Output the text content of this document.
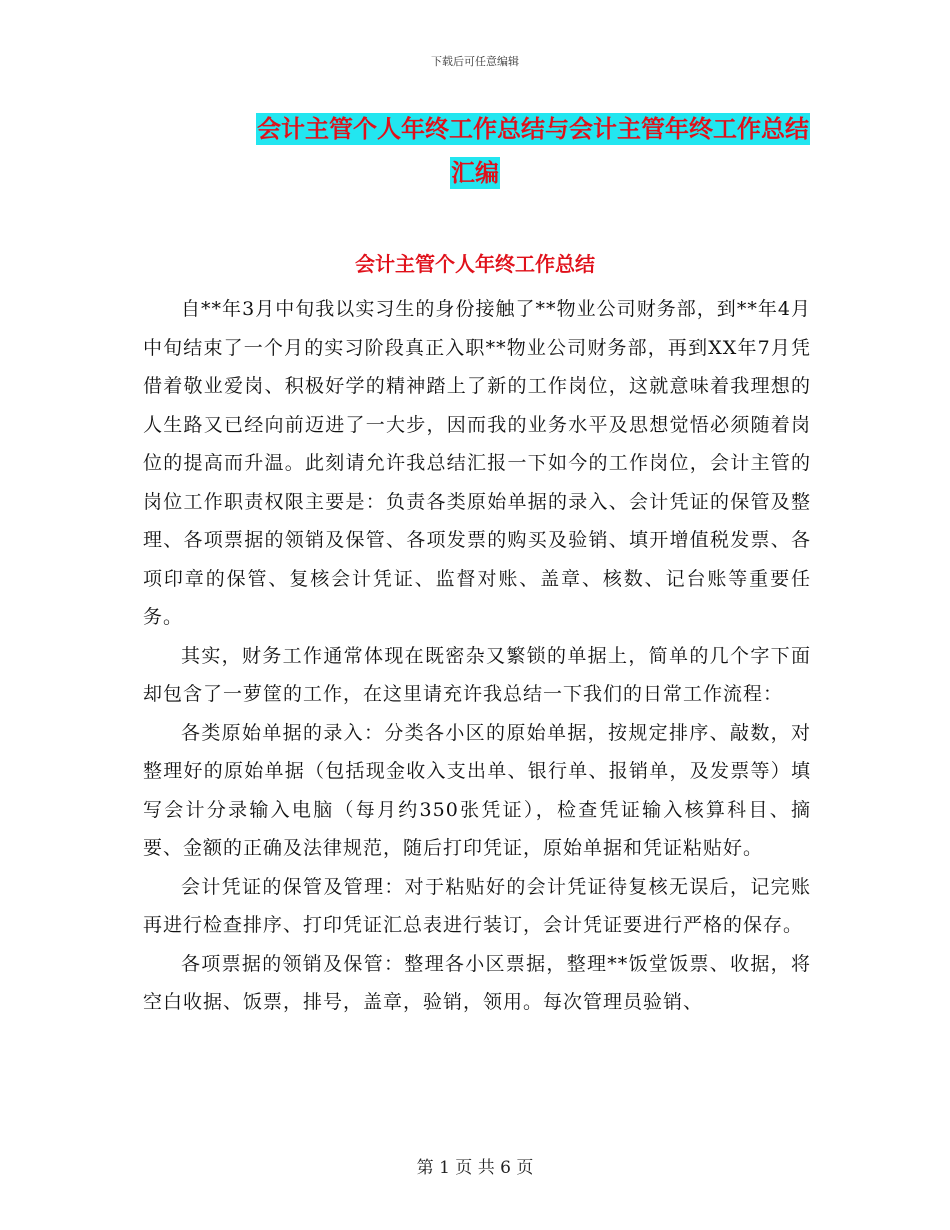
下载后可任意编辑
会计主管个人年终工作总结与会计主管年终工作总结
汇编
会计主管个人年终工作总结

自**年3月中旬我以实习生的身份接触了**物业公司财务部，到**年4月中旬结束了一个月的实习阶段真正入职**物业公司财务部，再到XX年7月凭借着敬业爱岗、积极好学的精神踏上了新的工作岗位，这就意味着我理想的人生路又已经向前迈进了一大步，因而我的业务水平及思想觉悟必须随着岗位的提高而升温。此刻请允许我总结汇报一下如今的工作岗位，会计主管的岗位工作职责权限主要是：负责各类原始单据的录入、会计凭证的保管及整理、各项票据的领销及保管、各项发票的购买及验销、填开增值税发票、各项印章的保管、复核会计凭证、监督对账、盖章、核数、记台账等重要任务。

其实，财务工作通常体现在既密杂又繁锁的单据上，简单的几个字下面却包含了一萝筐的工作，在这里请充许我总结一下我们的日常工作流程：

各类原始单据的录入：分类各小区的原始单据，按规定排序、敲数，对整理好的原始单据（包括现金收入支出单、银行单、报销单，及发票等）填写会计分录输入电脑（每月约350张凭证），检查凭证输入核算科目、摘要、金额的正确及法律规范，随后打印凭证，原始单据和凭证粘贴好。

会计凭证的保管及管理：对于粘贴好的会计凭证待复核无误后，记完账再进行检查排序、打印凭证汇总表进行装订，会计凭证要进行严格的保存。

各项票据的领销及保管：整理各小区票据，整理**饭堂饭票、收据，将空白收据、饭票，排号，盖章，验销，领用。每次管理员验销、

第 1 页 共 6 页
